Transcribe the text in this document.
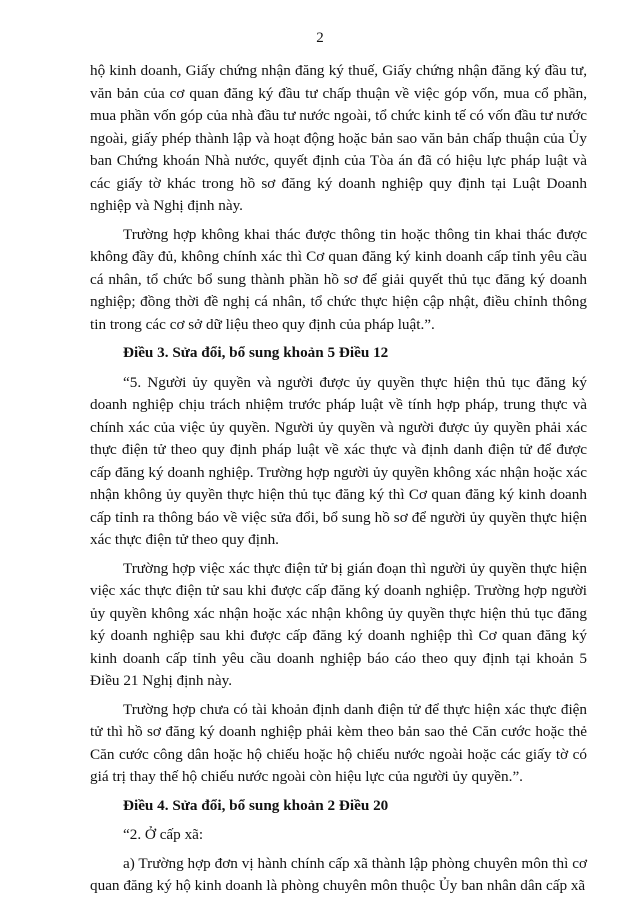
2

hộ kinh doanh, Giấy chứng nhận đăng ký thuế, Giấy chứng nhận đăng ký đầu tư, văn bản của cơ quan đăng ký đầu tư chấp thuận về việc góp vốn, mua cổ phần, mua phần vốn góp của nhà đầu tư nước ngoài, tổ chức kinh tế có vốn đầu tư nước ngoài, giấy phép thành lập và hoạt động hoặc bản sao văn bản chấp thuận của Ủy ban Chứng khoán Nhà nước, quyết định của Tòa án đã có hiệu lực pháp luật và các giấy tờ khác trong hồ sơ đăng ký doanh nghiệp quy định tại Luật Doanh nghiệp và Nghị định này.

Trường hợp không khai thác được thông tin hoặc thông tin khai thác được không đầy đủ, không chính xác thì Cơ quan đăng ký kinh doanh cấp tỉnh yêu cầu cá nhân, tổ chức bổ sung thành phần hồ sơ để giải quyết thủ tục đăng ký doanh nghiệp; đồng thời đề nghị cá nhân, tổ chức thực hiện cập nhật, điều chỉnh thông tin trong các cơ sở dữ liệu theo quy định của pháp luật.”.

Điều 3. Sửa đổi, bổ sung khoản 5 Điều 12

“5. Người ủy quyền và người được ủy quyền thực hiện thủ tục đăng ký doanh nghiệp chịu trách nhiệm trước pháp luật về tính hợp pháp, trung thực và chính xác của việc ủy quyền. Người ủy quyền và người được ủy quyền phải xác thực điện tử theo quy định pháp luật về xác thực và định danh điện tử để được cấp đăng ký doanh nghiệp. Trường hợp người ủy quyền không xác nhận hoặc xác nhận không ủy quyền thực hiện thủ tục đăng ký thì Cơ quan đăng ký kinh doanh cấp tỉnh ra thông báo về việc sửa đổi, bổ sung hồ sơ để người ủy quyền thực hiện xác thực điện tử theo quy định.

Trường hợp việc xác thực điện tử bị gián đoạn thì người ủy quyền thực hiện việc xác thực điện tử sau khi được cấp đăng ký doanh nghiệp. Trường hợp người ủy quyền không xác nhận hoặc xác nhận không ủy quyền thực hiện thủ tục đăng ký doanh nghiệp sau khi được cấp đăng ký doanh nghiệp thì Cơ quan đăng ký kinh doanh cấp tỉnh yêu cầu doanh nghiệp báo cáo theo quy định tại khoản 5 Điều 21 Nghị định này.

Trường hợp chưa có tài khoản định danh điện tử để thực hiện xác thực điện tử thì hồ sơ đăng ký doanh nghiệp phải kèm theo bản sao thẻ Căn cước hoặc thẻ Căn cước công dân hoặc hộ chiếu hoặc hộ chiếu nước ngoài hoặc các giấy tờ có giá trị thay thế hộ chiếu nước ngoài còn hiệu lực của người ủy quyền.”.

Điều 4. Sửa đổi, bổ sung khoản 2 Điều 20

“2. Ở cấp xã:

a) Trường hợp đơn vị hành chính cấp xã thành lập phòng chuyên môn thì cơ quan đăng ký hộ kinh doanh là phòng chuyên môn thuộc Ủy ban nhân dân cấp xã
